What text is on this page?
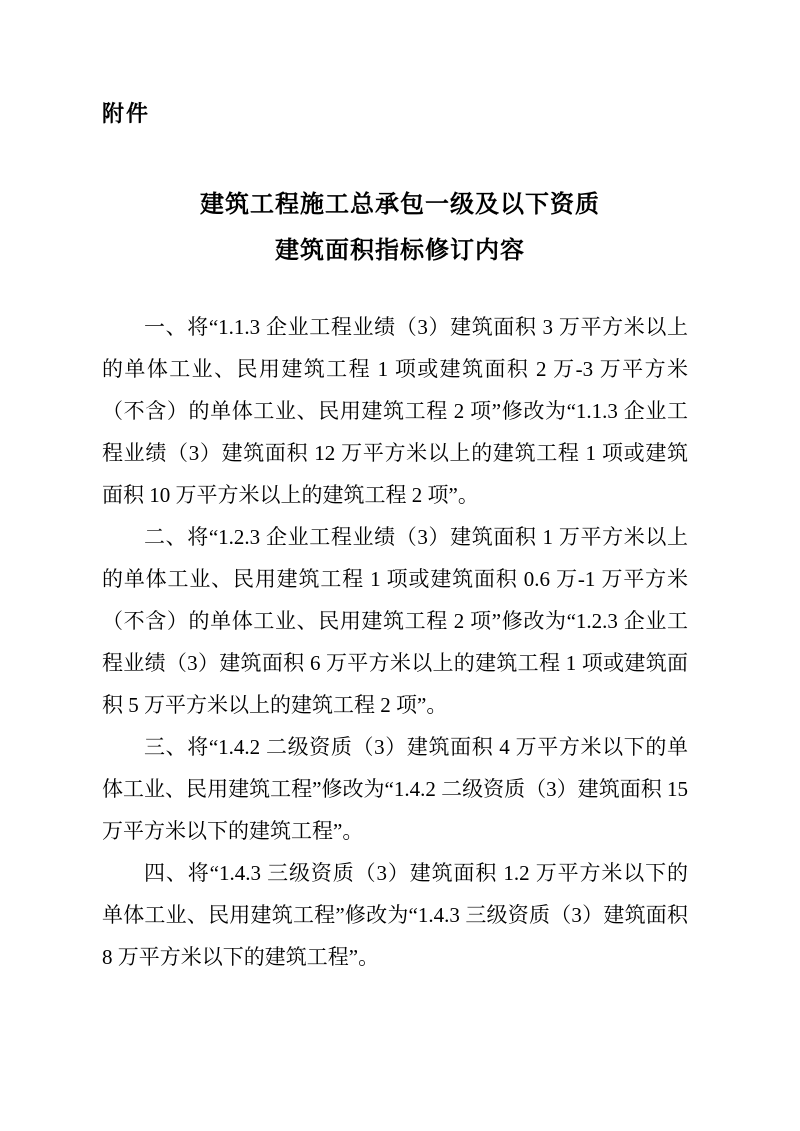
附件
建筑工程施工总承包一级及以下资质
建筑面积指标修订内容

一、将“1.1.3 企业工程业绩（3）建筑面积 3 万平方米以上的单体工业、民用建筑工程 1 项或建筑面积 2 万-3 万平方米（不含）的单体工业、民用建筑工程 2 项”修改为“1.1.3 企业工程业绩（3）建筑面积 12 万平方米以上的建筑工程 1 项或建筑面积 10 万平方米以上的建筑工程 2 项”。

二、将“1.2.3 企业工程业绩（3）建筑面积 1 万平方米以上的单体工业、民用建筑工程 1 项或建筑面积 0.6 万-1 万平方米（不含）的单体工业、民用建筑工程 2 项”修改为“1.2.3 企业工程业绩（3）建筑面积 6 万平方米以上的建筑工程 1 项或建筑面积 5 万平方米以上的建筑工程 2 项”。

三、将“1.4.2 二级资质（3）建筑面积 4 万平方米以下的单体工业、民用建筑工程”修改为“1.4.2 二级资质（3）建筑面积 15 万平方米以下的建筑工程”。

四、将“1.4.3 三级资质（3）建筑面积 1.2 万平方米以下的单体工业、民用建筑工程”修改为“1.4.3 三级资质（3）建筑面积 8 万平方米以下的建筑工程”。
